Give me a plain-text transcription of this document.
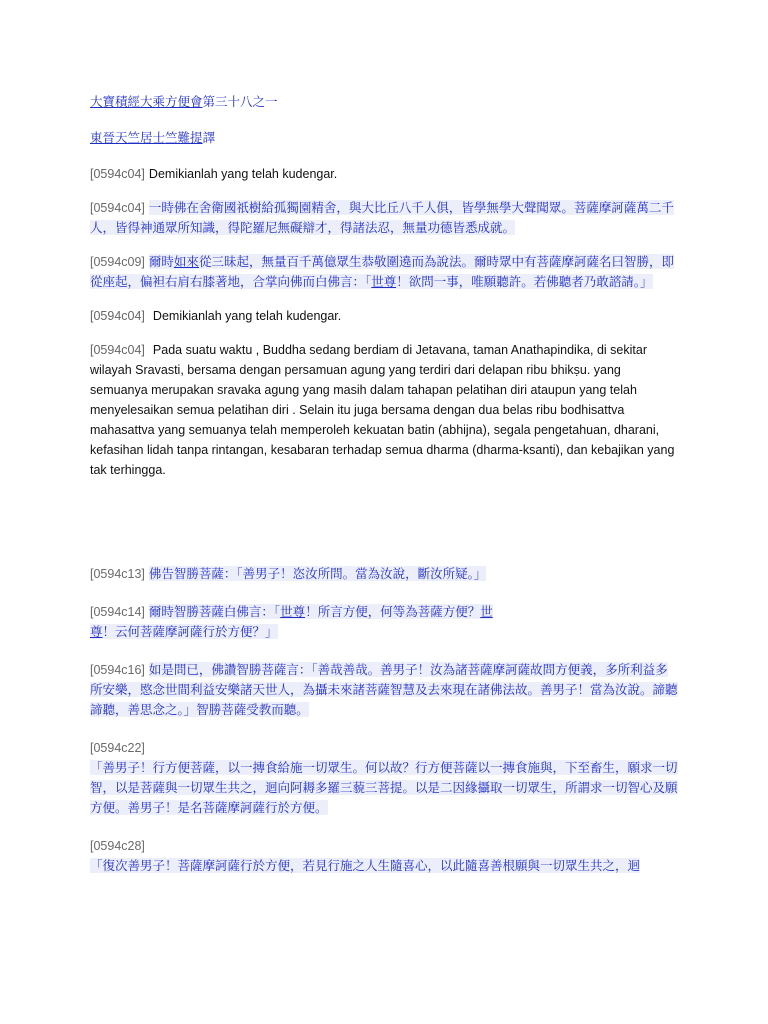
大寶積經大乘方便會第三十八之一

東晉天竺居士竺難提譯

[0594c04] Demikianlah yang telah kudengar.

[0594c04] 一時佛在舍衛國祇樹給孤獨園精舍，與大比丘八千人俱，皆學無學大聲聞眾。菩薩摩訶薩萬二千人，皆得神通眾所知識，得陀羅尼無礙辯才，得諸法忍，無量功德皆悉成就。

[0594c09] 爾時如來從三昧起，無量百千萬億眾生恭敬圍遶而為說法。爾時眾中有菩薩摩訶薩名曰智勝，即從座起，偏袒右肩右膝著地，合掌向佛而白佛言：「世尊！欲問一事，唯願聽許。若佛聽者乃敢諮請。」

[0594c04] Demikianlah yang telah kudengar.

[0594c04] Pada suatu waktu , Buddha sedang berdiam di Jetavana, taman Anathapindika, di sekitar wilayah Sravasti, bersama dengan persamuan agung yang terdiri dari delapan ribu bhikṣu. yang semuanya merupakan sravaka agung yang masih dalam tahapan pelatihan diri ataupun yang telah menyelesaikan semua pelatihan diri . Selain itu juga bersama dengan dua belas ribu bodhisattva mahasattva yang semuanya telah memperoleh kekuatan batin (abhijna), segala pengetahuan, dharani, kefasihan lidah tanpa rintangan, kesabaran terhadap semua dharma (dharma-ksanti), dan kebajikan yang tak terhingga.

[0594c13] 佛告智勝菩薩：「善男子！恣汝所問。當為汝說，斷汝所疑。」

[0594c14] 爾時智勝菩薩白佛言：「世尊！所言方便，何等為菩薩方便？世尊！云何菩薩摩訶薩行於方便？」

[0594c16] 如是問已，佛讚智勝菩薩言：「善哉善哉。善男子！汝為諸菩薩摩訶薩故問方便義，多所利益多所安樂，愍念世間利益安樂諸天世人，為攝未來諸菩薩智慧及去來現在諸佛法故。善男子！當為汝說。諦聽諦聽，善思念之。」智勝菩薩受教而聽。

[0594c22]
「善男子！行方便菩薩，以一摶食給施一切眾生。何以故？行方便菩薩以一摶食施與，下至畜生，願求一切智，以是菩薩與一切眾生共之，迴向阿耨多羅三藐三菩提。以是二因緣攝取一切眾生，所謂求一切智心及願方便。善男子！是名菩薩摩訶薩行於方便。

[0594c28]
「復次善男子！菩薩摩訶薩行於方便，若見行施之人生隨喜心，以此隨喜善根願與一切眾生共之，迴
